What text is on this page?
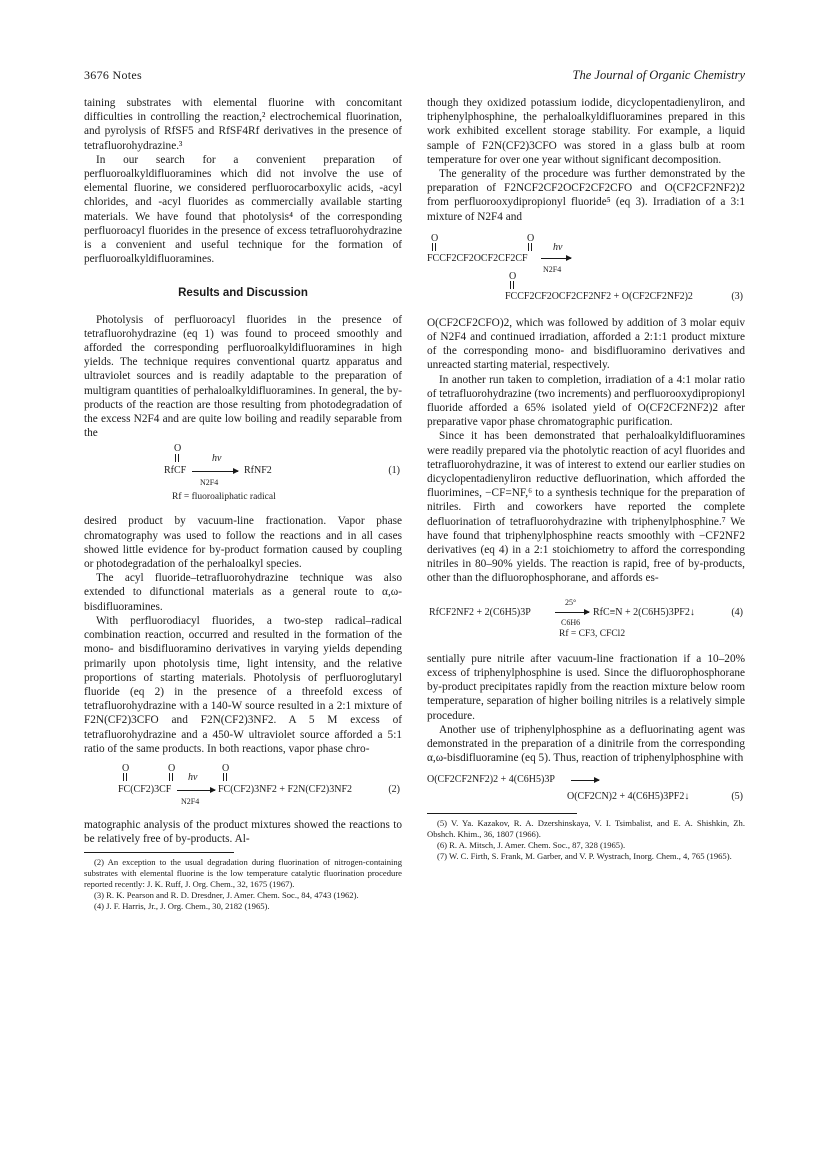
3676 Notes	The Journal of Organic Chemistry

taining substrates with elemental fluorine with concomitant difficulties in controlling the reaction,² electrochemical fluorination, and pyrolysis of RfSF5 and RfSF4Rf derivatives in the presence of tetrafluorohydrazine.³

In our search for a convenient preparation of perfluoroalkyldifluoramines which did not involve the use of elemental fluorine, we considered perfluorocarboxylic acids, -acyl chlorides, and -acyl fluorides as commercially available starting materials. We have found that photolysis⁴ of the corresponding perfluoroacyl fluorides in the presence of excess tetrafluorohydrazine is a convenient and useful technique for the formation of perfluoroalkyldifluoramines.

Results and Discussion

Photolysis of perfluoroacyl fluorides in the presence of tetrafluorohydrazine (eq 1) was found to proceed smoothly and afforded the corresponding perfluoroalkyldifluoramines in high yields. The technique requires conventional quartz apparatus and ultraviolet sources and is readily adaptable to the preparation of multigram quantities of perhaloalkyldifluoramines. In general, the by-products of the reaction are those resulting from photodegradation of the excess N2F4 and are quite low boiling and readily separable from the

O
RfCF
hν
N2F4
RfNF2	(1)
Rf = fluoroaliphatic radical

desired product by vacuum-line fractionation. Vapor phase chromatography was used to follow the reactions and in all cases showed little evidence for by-product formation caused by coupling or photodegradation of the perhaloalkyl species.

The acyl fluoride–tetrafluorohydrazine technique was also extended to difunctional materials as a general route to α,ω-bisdifluoramines.

With perfluorodiacyl fluorides, a two-step radical–radical combination reaction, occurred and resulted in the formation of the mono- and bisdifluoramino derivatives in varying yields depending primarily upon photolysis time, light intensity, and the relative proportions of starting materials. Photolysis of perfluoroglutaryl fluoride (eq 2) in the presence of a threefold excess of tetrafluorohydrazine with a 140-W source resulted in a 2:1 mixture of F2N(CF2)3CFO and F2N(CF2)3NF2. A 5 M excess of tetrafluorohydrazine and a 450-W ultraviolet source afforded a 5:1 ratio of the same products. In both reactions, vapor phase chro-

O	O	O
FC(CF2)3CF
hν
N2F4
FC(CF2)3NF2 + F2N(CF2)3NF2	(2)

matographic analysis of the product mixtures showed the reactions to be relatively free of by-products. Al-

(2) An exception to the usual degradation during fluorination of nitrogen-containing substrates with elemental fluorine is the low temperature catalytic fluorination procedure reported recently: J. K. Ruff, J. Org. Chem., 32, 1675 (1967).

(3) R. K. Pearson and R. D. Dresdner, J. Amer. Chem. Soc., 84, 4743 (1962).

(4) J. F. Harris, Jr., J. Org. Chem., 30, 2182 (1965).

though they oxidized potassium iodide, dicyclopentadienyliron, and triphenylphosphine, the perhaloalkyldifluoramines prepared in this work exhibited excellent storage stability. For example, a liquid sample of F2N(CF2)3CFO was stored in a glass bulb at room temperature for over one year without significant decomposition.

The generality of the procedure was further demonstrated by the preparation of F2NCF2CF2OCF2CF2CFO and O(CF2CF2NF2)2 from perfluorooxydipropionyl fluoride⁵ (eq 3). Irradiation of a 3:1 mixture of N2F4 and

O	O
FCCF2CF2OCF2CF2CF
hν
N2F4
O
FCCF2CF2OCF2CF2NF2 + O(CF2CF2NF2)2	(3)

O(CF2CF2CFO)2, which was followed by addition of 3 molar equiv of N2F4 and continued irradiation, afforded a 2:1:1 product mixture of the corresponding mono- and bisdifluoramino derivatives and unreacted starting material, respectively.

In another run taken to completion, irradiation of a 4:1 molar ratio of tetrafluorohydrazine (two increments) and perfluorooxydipropionyl fluoride afforded a 65% isolated yield of O(CF2CF2NF2)2 after preparative vapor phase chromatographic purification.

Since it has been demonstrated that perhaloalkyldifluoramines were readily prepared via the photolytic reaction of acyl fluorides and tetrafluorohydrazine, it was of interest to extend our earlier studies on dicyclopentadienyliron reductive defluorination, which afforded the fluorimines, −CF=NF,⁶ to a synthesis technique for the preparation of nitriles. Firth and coworkers have reported the complete defluorination of tetrafluorohydrazine with triphenylphosphine.⁷ We have found that triphenylphosphine reacts smoothly with −CF2NF2 derivatives (eq 4) in a 2:1 stoichiometry to afford the corresponding nitriles in 80–90% yields. The reaction is rapid, free of by-products, other than the difluorophosphorane, and affords es-

RfCF2NF2 + 2(C6H5)3P
25°
C6H6
RfC≡N + 2(C6H5)3PF2↓	(4)
Rf = CF3, CFCl2

sentially pure nitrile after vacuum-line fractionation if a 10–20% excess of triphenylphosphine is used. Since the difluorophosphorane by-product precipitates rapidly from the reaction mixture below room temperature, separation of higher boiling nitriles is a relatively simple procedure.

Another use of triphenylphosphine as a defluorinating agent was demonstrated in the preparation of a dinitrile from the corresponding α,ω-bisdifluoramine (eq 5). Thus, reaction of triphenylphosphine with

O(CF2CF2NF2)2 + 4(C6H5)3P
O(CF2CN)2 + 4(C6H5)3PF2↓	(5)

(5) V. Ya. Kazakov, R. A. Dzershinskaya, V. I. Tsimbalist, and E. A. Shishkin, Zh. Obshch. Khim., 36, 1807 (1966).

(6) R. A. Mitsch, J. Amer. Chem. Soc., 87, 328 (1965).

(7) W. C. Firth, S. Frank, M. Garber, and V. P. Wystrach, Inorg. Chem., 4, 765 (1965).
